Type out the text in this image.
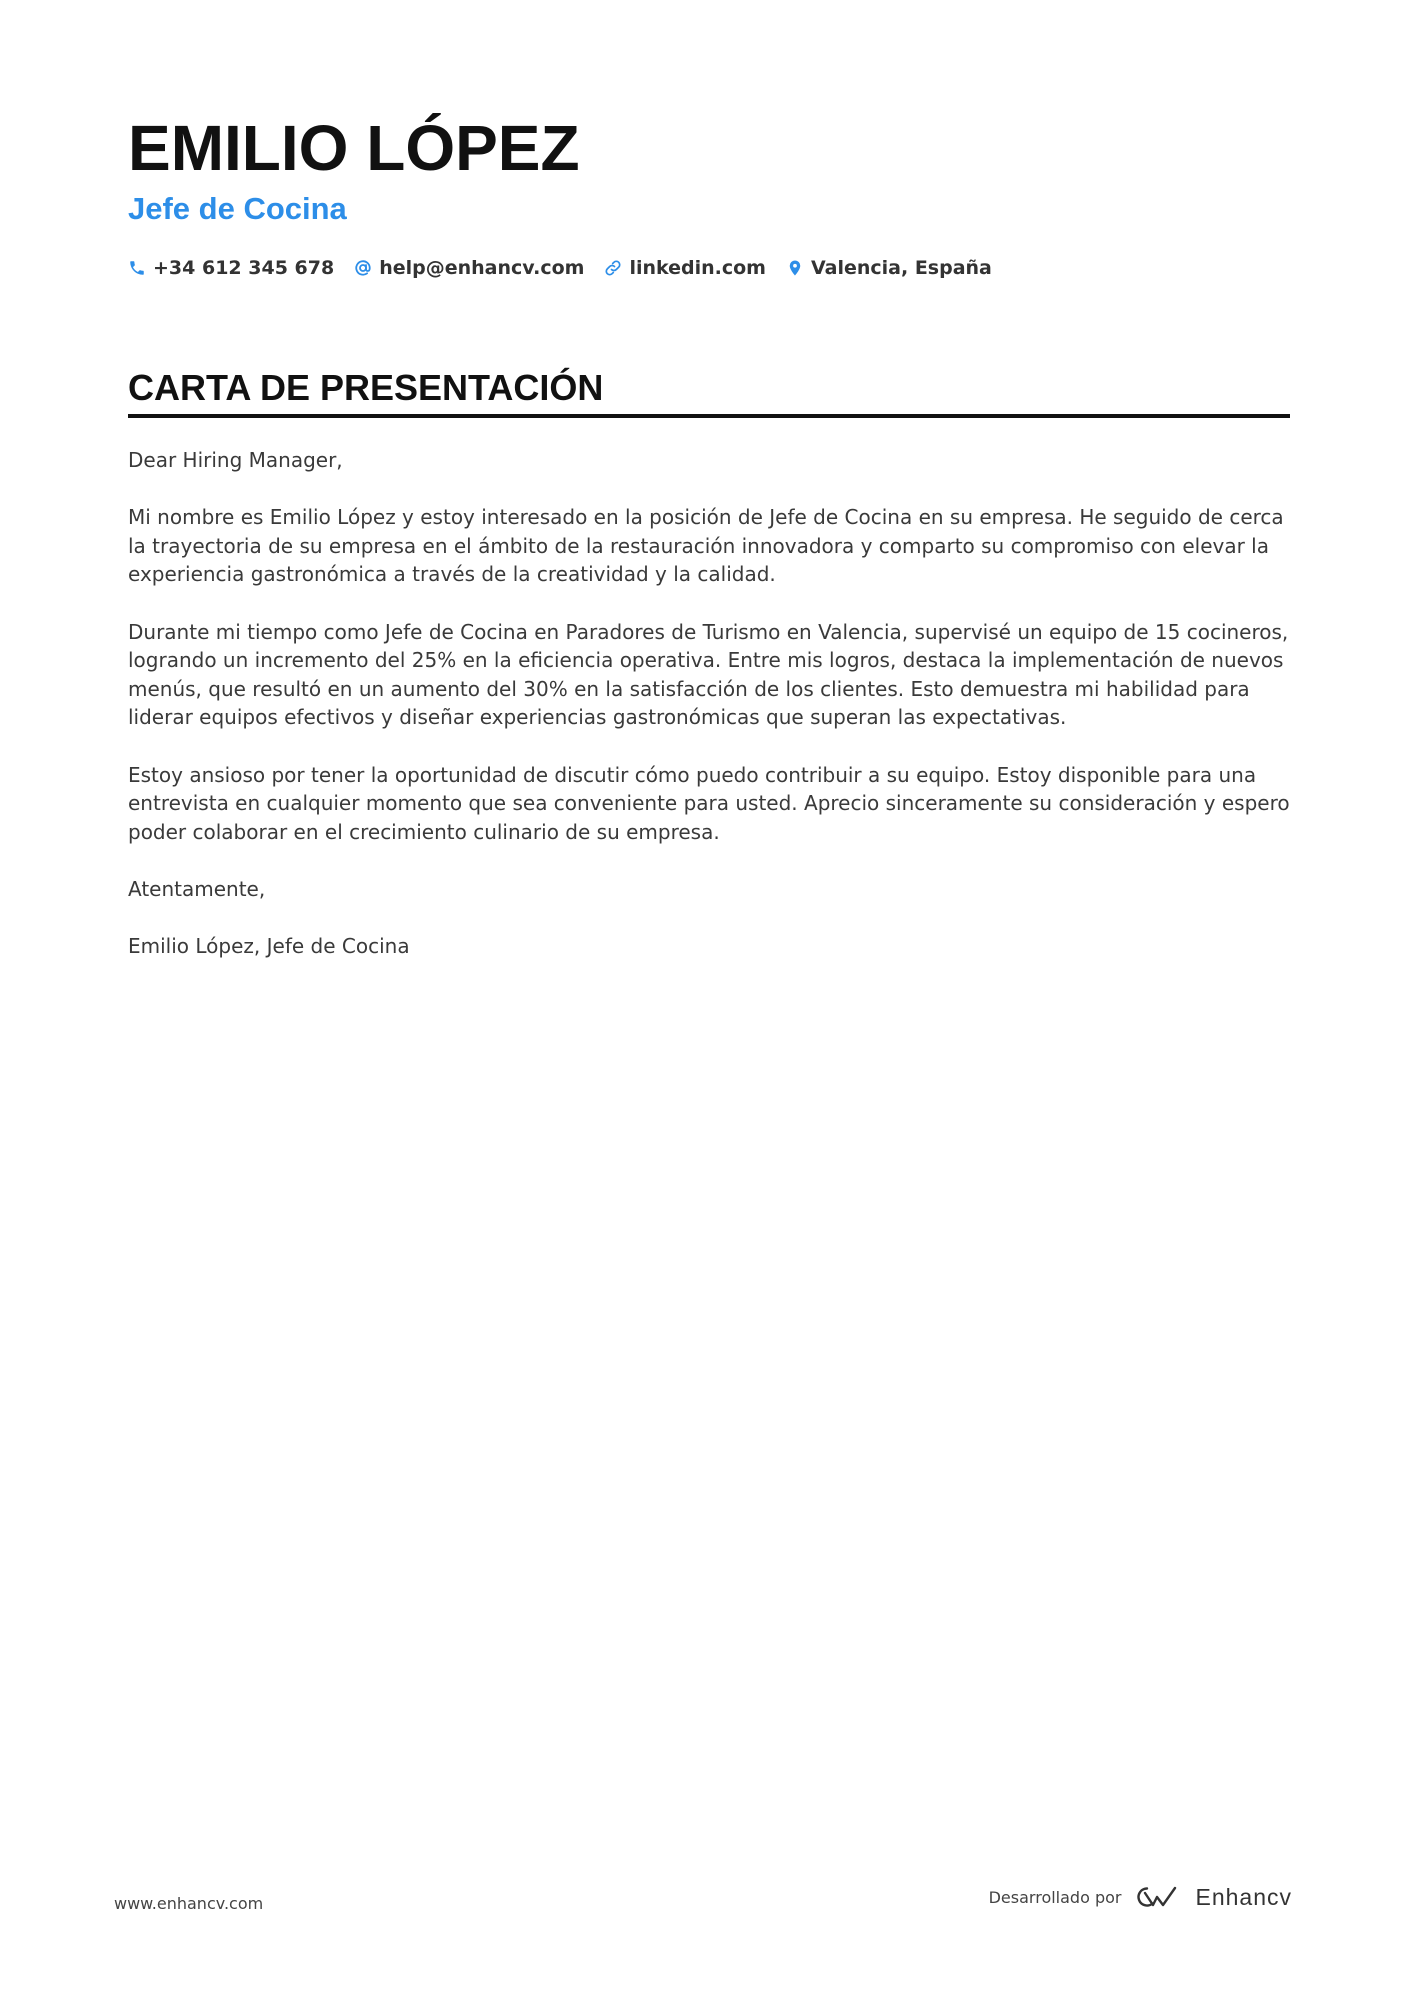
EMILIO LÓPEZ
Jefe de Cocina
+34 612 345 678 help@enhancv.com linkedin.com Valencia, España
CARTA DE PRESENTACIÓN

Dear Hiring Manager,

Mi nombre es Emilio López y estoy interesado en la posición de Jefe de Cocina en su empresa. He seguido de cerca la trayectoria de su empresa en el ámbito de la restauración innovadora y comparto su compromiso con elevar la experiencia gastronómica a través de la creatividad y la calidad.

Durante mi tiempo como Jefe de Cocina en Paradores de Turismo en Valencia, supervisé un equipo de 15 cocineros, logrando un incremento del 25% en la eficiencia operativa. Entre mis logros, destaca la implementación de nuevos menús, que resultó en un aumento del 30% en la satisfacción de los clientes. Esto demuestra mi habilidad para liderar equipos efectivos y diseñar experiencias gastronómicas que superan las expectativas.

Estoy ansioso por tener la oportunidad de discutir cómo puedo contribuir a su equipo. Estoy disponible para una entrevista en cualquier momento que sea conveniente para usted. Aprecio sinceramente su consideración y espero poder colaborar en el crecimiento culinario de su empresa.

Atentamente,

Emilio López, Jefe de Cocina

www.enhancv.com	Desarrollado por	Enhancv
